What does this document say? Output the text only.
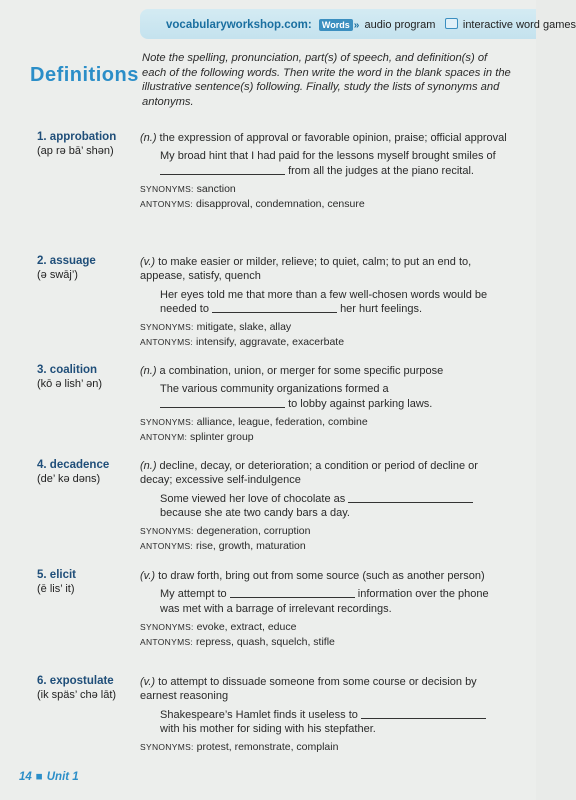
vocabularyworkshop.com: Words » audio program interactive word games
Definitions
Note the spelling, pronunciation, part(s) of speech, and definition(s) of each of the following words. Then write the word in the blank spaces in the illustrative sentence(s) following. Finally, study the lists of synonyms and antonyms.
1. approbation
(ap rə bā’ shən)
(n.) the expression of approval or favorable opinion, praise; official approval
My broad hint that I had paid for the lessons myself brought smiles of  from all the judges at the piano recital.
SYNONYMS: sanction
ANTONYMS: disapproval, condemnation, censure
2. assuage
(ə swāj’)
(v.) to make easier or milder, relieve; to quiet, calm; to put an end to, appease, satisfy, quench
Her eyes told me that more than a few well-chosen words would be needed to	her hurt feelings.
SYNONYMS: mitigate, slake, allay
ANTONYMS: intensify, aggravate, exacerbate
3. coalition
(kō ə lish’ ən)
(n.) a combination, union, or merger for some specific purpose
The various community organizations formed a  to lobby against parking laws.
SYNONYMS: alliance, league, federation, combine
ANTONYM: splinter group
4. decadence
(de’ kə dəns)
(n.) decline, decay, or deterioration; a condition or period of decline or decay; excessive self-indulgence
Some viewed her love of chocolate as  because she ate two candy bars a day.
SYNONYMS: degeneration, corruption
ANTONYMS: rise, growth, maturation
5. elicit
(ē lis’ it)
(v.) to draw forth, bring out from some source (such as another person)
My attempt to	information over the phone was met with a barrage of irrelevant recordings.
SYNONYMS: evoke, extract, educe
ANTONYMS: repress, quash, squelch, stifle
6. expostulate
(ik späs’ chə lāt)
(v.) to attempt to dissuade someone from some course or decision by earnest reasoning
Shakespeare’s Hamlet finds it useless to  with his mother for siding with his stepfather.
SYNONYMS: protest, remonstrate, complain
14 ■ Unit 1
